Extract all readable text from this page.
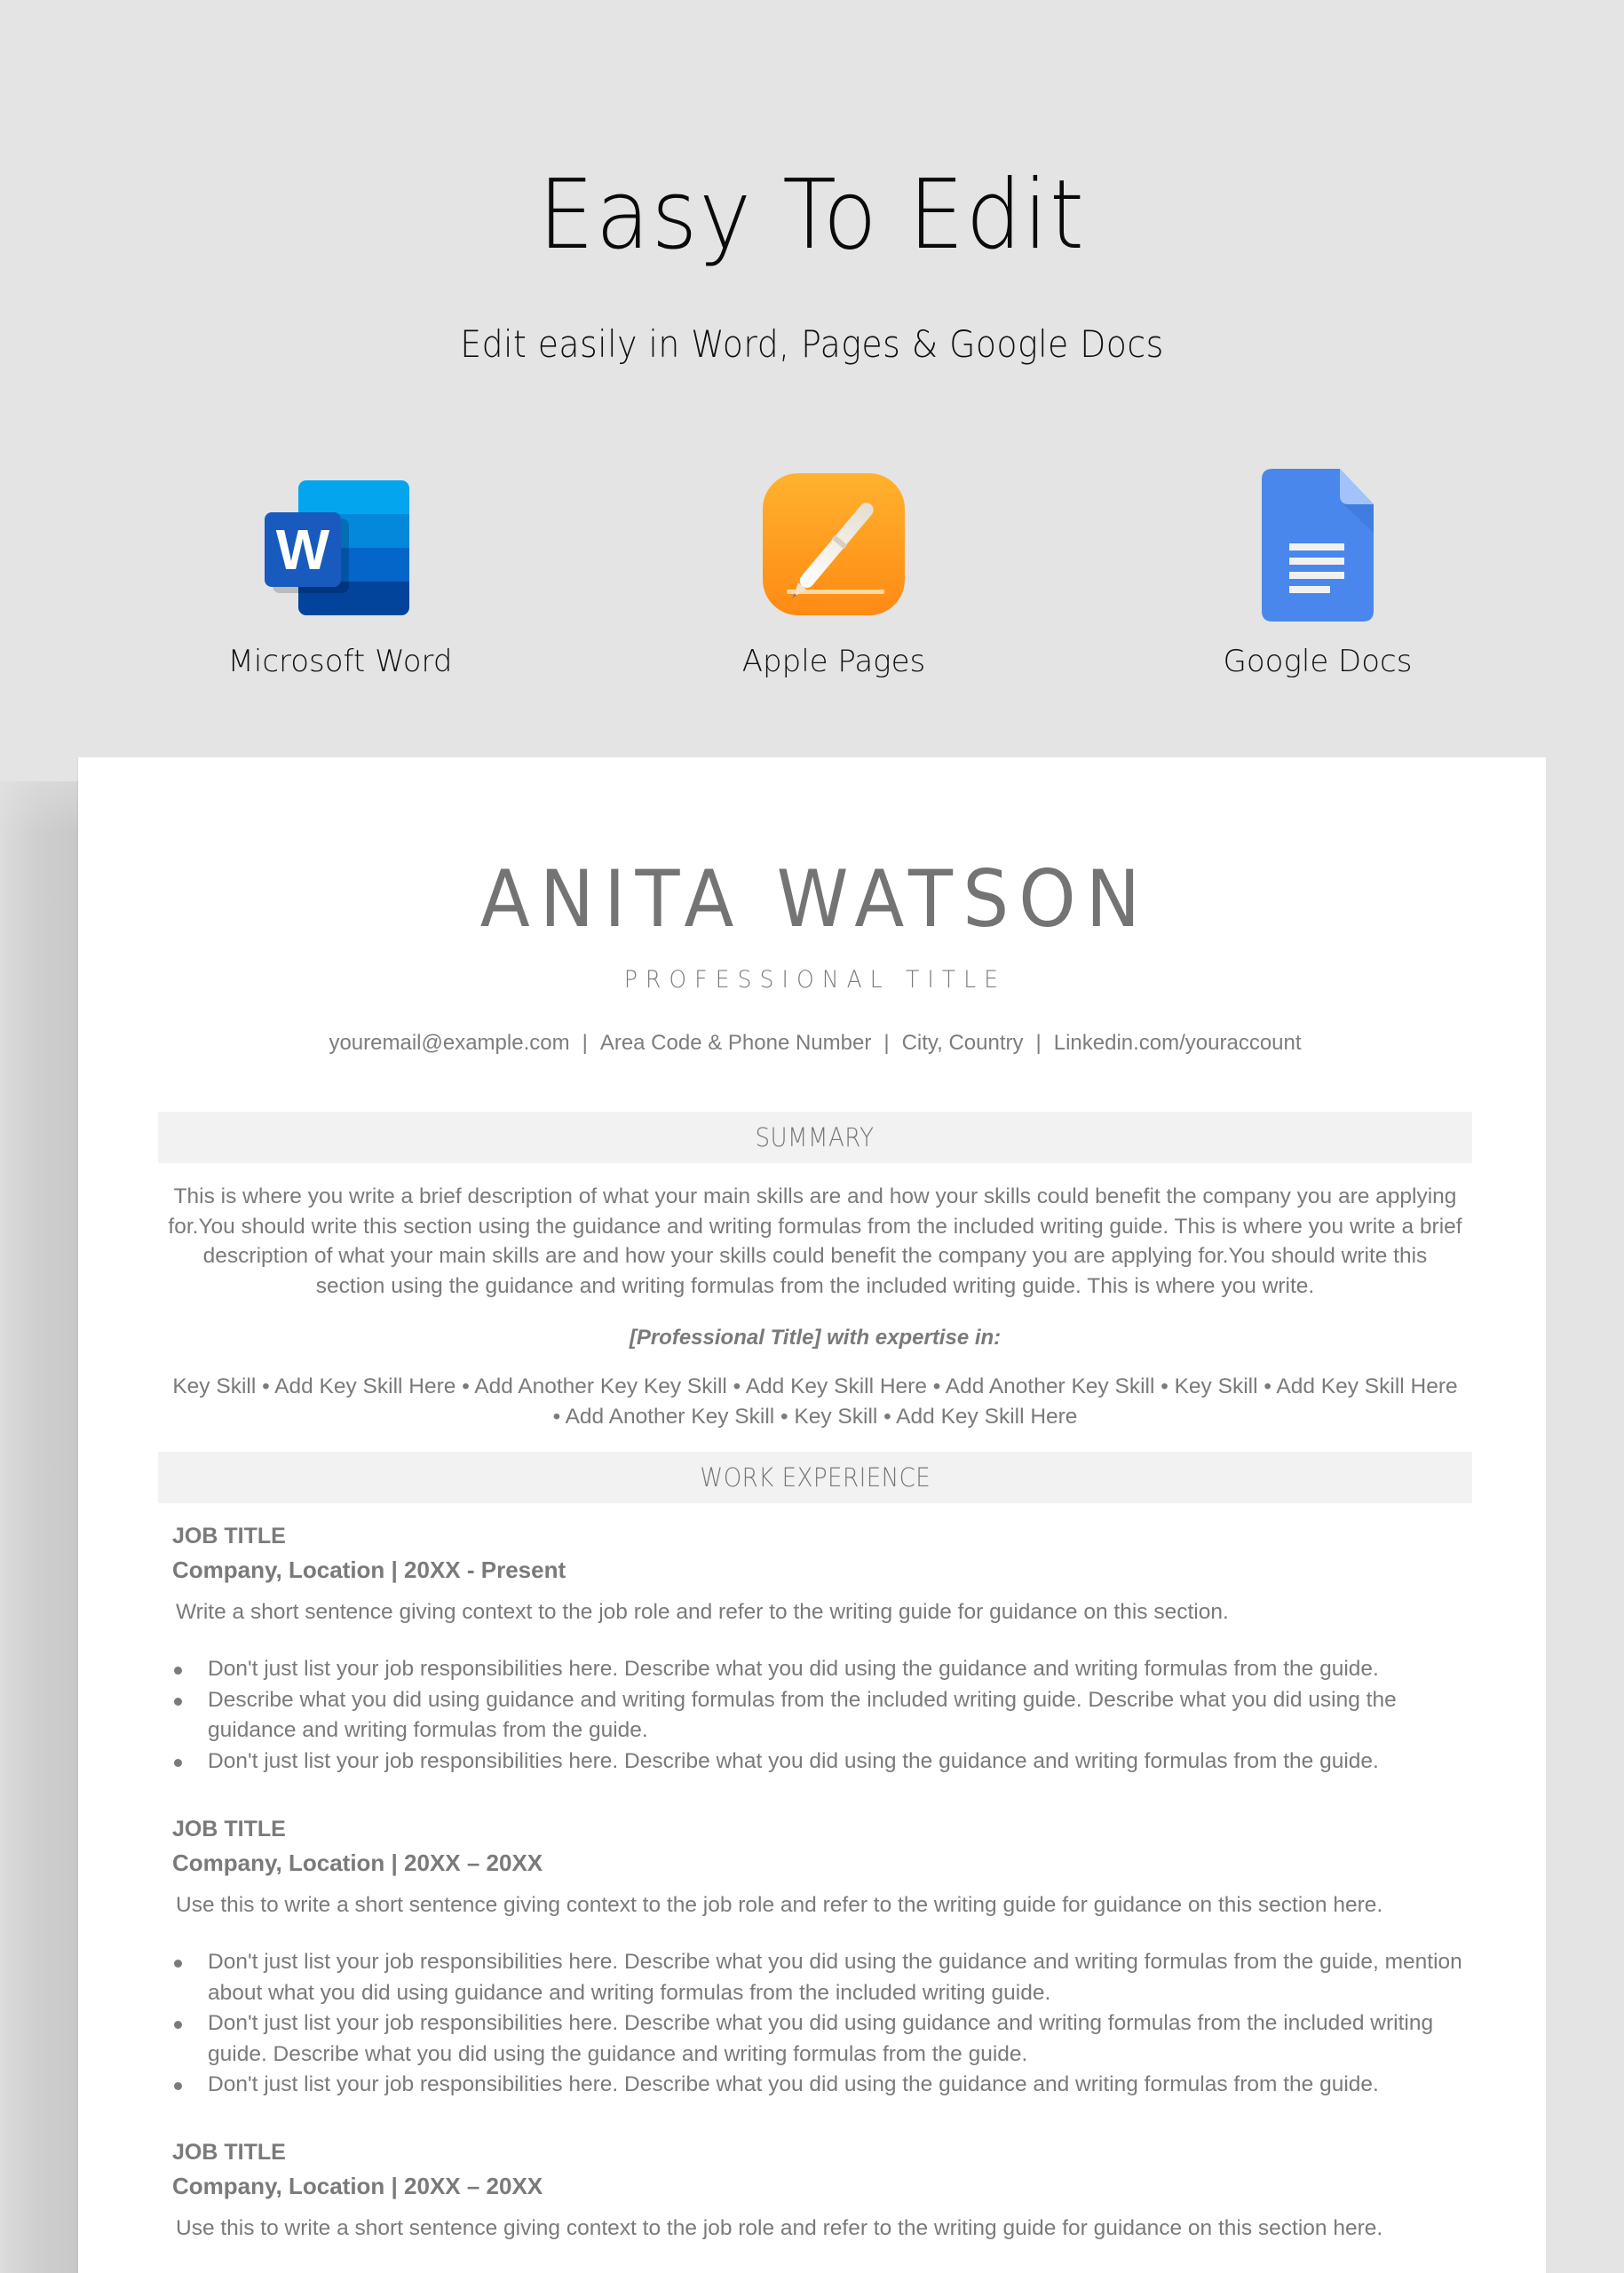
Easy To Edit
Edit easily in Word, Pages & Google Docs
W
Microsoft Word	Apple Pages	Google Docs
ANITA WATSON
PROFESSIONAL TITLE
youremail@example.com | Area Code & Phone Number | City, Country | Linkedin.com/youraccount
SUMMARY
This is where you write a brief description of what your main skills are and how your skills could benefit the company you are applying for.You should write this section using the guidance and writing formulas from the included writing guide. This is where you write a brief description of what your main skills are and how your skills could benefit the company you are applying for.You should write this section using the guidance and writing formulas from the included writing guide. This is where you write.
[Professional Title] with expertise in:
Key Skill • Add Key Skill Here • Add Another Key Key Skill • Add Key Skill Here • Add Another Key Skill • Key Skill • Add Key Skill Here • Add Another Key Skill • Key Skill • Add Key Skill Here
WORK EXPERIENCE
JOB TITLE
Company, Location | 20XX - Present
Write a short sentence giving context to the job role and refer to the writing guide for guidance on this section.
Don't just list your job responsibilities here. Describe what you did using the guidance and writing formulas from the guide.
Describe what you did using guidance and writing formulas from the included writing guide. Describe what you did using the guidance and writing formulas from the guide.
Don't just list your job responsibilities here. Describe what you did using the guidance and writing formulas from the guide.
JOB TITLE
Company, Location | 20XX – 20XX
Use this to write a short sentence giving context to the job role and refer to the writing guide for guidance on this section here.
Don't just list your job responsibilities here. Describe what you did using the guidance and writing formulas from the guide, mention about what you did using guidance and writing formulas from the included writing guide.
Don't just list your job responsibilities here. Describe what you did using guidance and writing formulas from the included writing guide. Describe what you did using the guidance and writing formulas from the guide.
Don't just list your job responsibilities here. Describe what you did using the guidance and writing formulas from the guide.
JOB TITLE
Company, Location | 20XX – 20XX
Use this to write a short sentence giving context to the job role and refer to the writing guide for guidance on this section here.
